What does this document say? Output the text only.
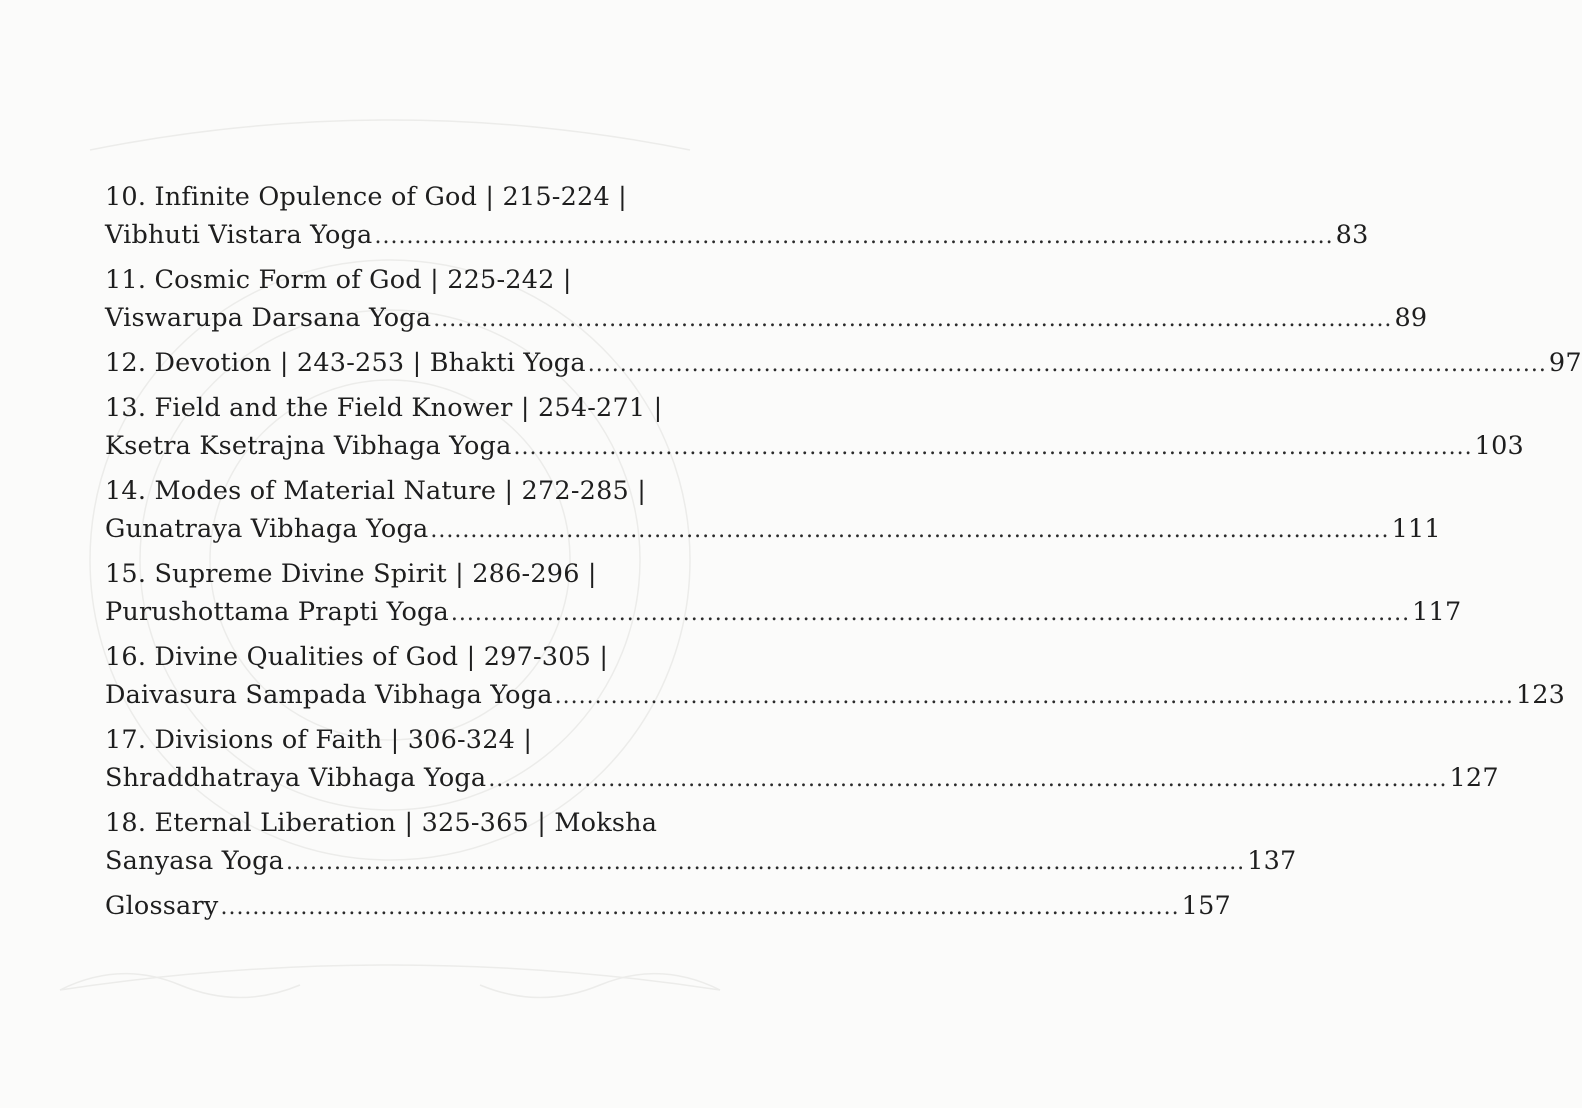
10. Infinite Opulence of God | 215-224 |
Vibhuti Vistara Yoga ........................................................................................................................ 83
11. Cosmic Form of God | 225-242 |
Viswarupa Darsana Yoga ........................................................................................................................ 89
12. Devotion | 243-253 | Bhakti Yoga ........................................................................................................................ 97
13. Field and the Field Knower | 254-271 |
Ksetra Ksetrajna Vibhaga Yoga ........................................................................................................................ 103
14. Modes of Material Nature | 272-285 |
Gunatraya Vibhaga Yoga ........................................................................................................................ 111
15. Supreme Divine Spirit | 286-296 |
Purushottama Prapti Yoga ........................................................................................................................ 117
16. Divine Qualities of God | 297-305 |
Daivasura Sampada Vibhaga Yoga ........................................................................................................................ 123
17. Divisions of Faith | 306-324 |
Shraddhatraya Vibhaga Yoga ........................................................................................................................ 127
18. Eternal Liberation | 325-365 | Moksha
Sanyasa Yoga ........................................................................................................................ 137
Glossary ........................................................................................................................ 157
